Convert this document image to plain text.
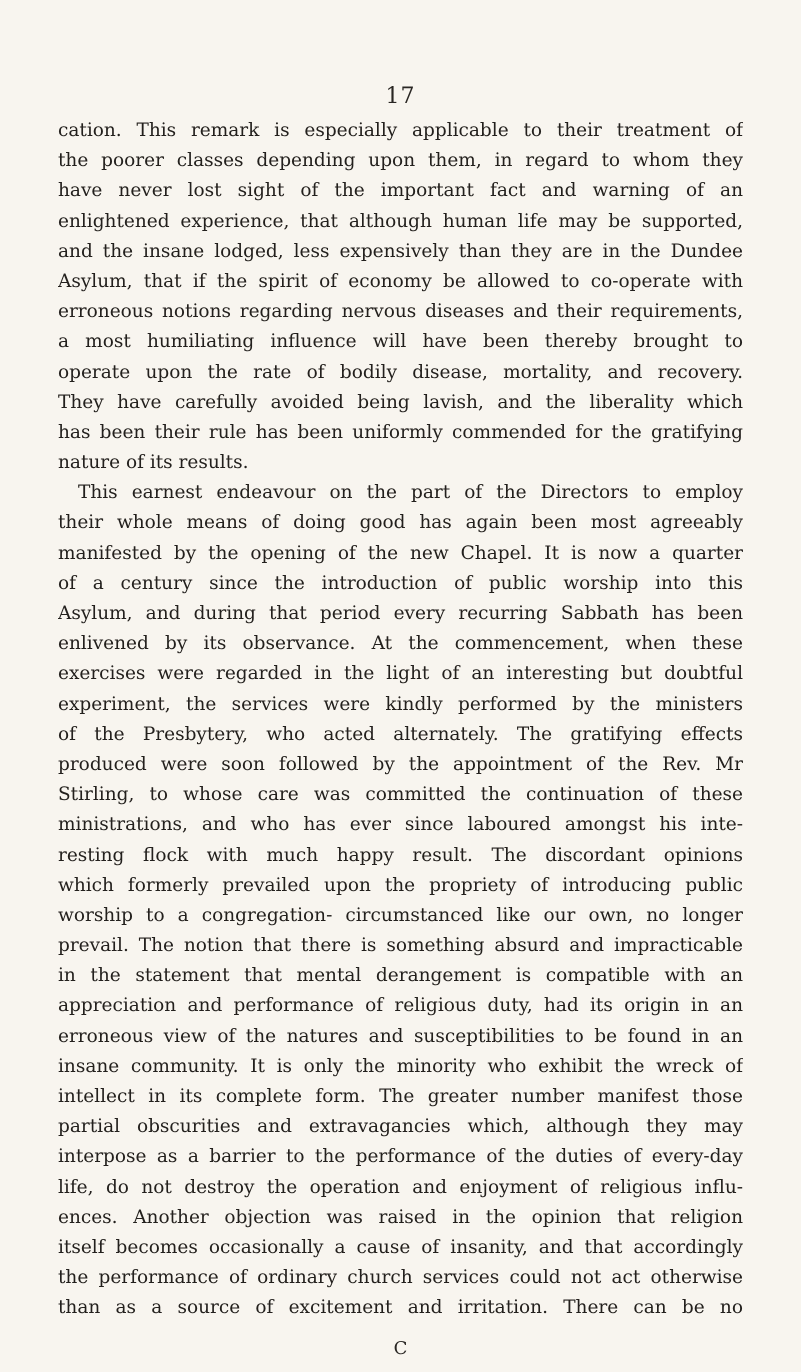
17
cation. This remark is especially applicable to their treatment of
the poorer classes depending upon them, in regard to whom they
have never lost sight of the important fact and warning of an
enlightened experience, that although human life may be supported,
and the insane lodged, less expensively than they are in the Dundee
Asylum, that if the spirit of economy be allowed to co-operate with
erroneous notions regarding nervous diseases and their requirements,
a most humiliating influence will have been thereby brought to
operate upon the rate of bodily disease, mortality, and recovery.
They have carefully avoided being lavish, and the liberality which
has been their rule has been uniformly commended for the gratifying
nature of its results.
This earnest endeavour on the part of the Directors to employ
their whole means of doing good has again been most agreeably
manifested by the opening of the new Chapel. It is now a quarter
of a century since the introduction of public worship into this
Asylum, and during that period every recurring Sabbath has been
enlivened by its observance. At the commencement, when these
exercises were regarded in the light of an interesting but doubtful
experiment, the services were kindly performed by the ministers
of the Presbytery, who acted alternately. The gratifying effects
produced were soon followed by the appointment of the Rev. Mr
Stirling, to whose care was committed the continuation of these
ministrations, and who has ever since laboured amongst his inte-
resting flock with much happy result. The discordant opinions
which formerly prevailed upon the propriety of introducing public
worship to a congregation- circumstanced like our own, no longer
prevail. The notion that there is something absurd and impracticable
in the statement that mental derangement is compatible with an
appreciation and performance of religious duty, had its origin in an
erroneous view of the natures and susceptibilities to be found in an
insane community. It is only the minority who exhibit the wreck of
intellect in its complete form. The greater number manifest those
partial obscurities and extravagancies which, although they may
interpose as a barrier to the performance of the duties of every-day
life, do not destroy the operation and enjoyment of religious influ-
ences. Another objection was raised in the opinion that religion
itself becomes occasionally a cause of insanity, and that accordingly
the performance of ordinary church services could not act otherwise
than as a source of excitement and irritation. There can be no
C
